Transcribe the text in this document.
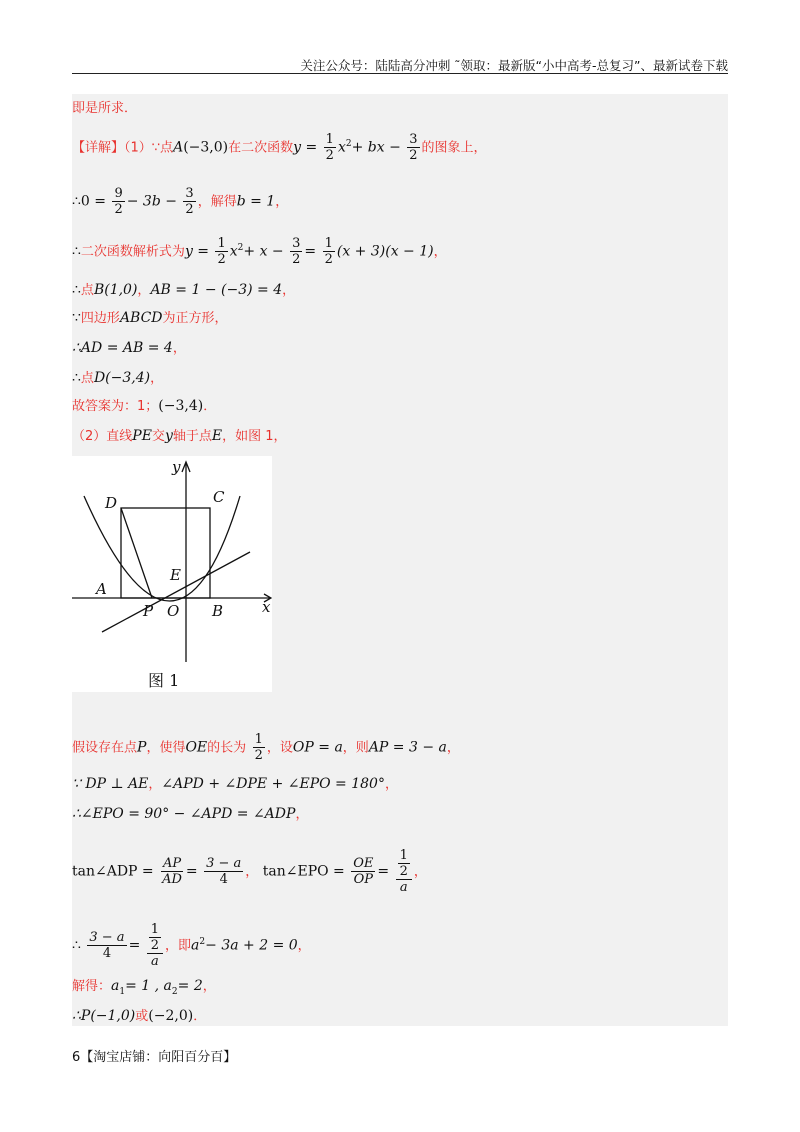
关注公众号：陆陆高分冲刺 ˜领取：最新版“小中高考-总复习”、最新试卷下载
即是所求．
【详解】（1）∵点A(−3,0)在二次函数$y = \frac{1}{2} x^2+$ bx − $\frac{3}{2}$ 的图象上，
∴0 = $\frac{9}{2} - 3b - \frac{3}{2}$ ，解得b = 1，
∴二次函数解析式为$y = \frac{1}{2} x^2+ x - \frac{3}{2} = \frac{1}{2} (x + 3)(x - 1)$，
∴点B(1,0)，AB = 1 − (−3) = 4，
∵四边形ABCD为正方形，
∴AD = AB = 4，
∴点D(−3,4)，
故答案为：1；(−3,4)．
（2）直线PE交y轴于点E，如图 1，
y
x
D	C
E
A
P O B
图 1
假设存在点P，使得OE的长为 $\frac{1}{2}$ ，设OP = a，则AP = 3 − a，
∵ DP ⊥ AE，∠APD + ∠DPE + ∠EPO = 180°，
∴∠EPO = 90° − ∠APD = ∠ADP，
tan∠ADP = $\frac{AP}{AD} = \frac{3 - a}{4}$ ， tan∠EPO = $\frac{OE}{OP} = \frac{\frac{1}{2}}{a}$ ，
∴ $\frac{3 - a}{4} = \frac{\frac{1}{2}}{a}$ ，即$a^2- 3a + 2 = 0$，
解得：$a_1= 1$ , $a_2= 2$，
∴P(−1,0)或(−2,0)．
6【淘宝店铺：向阳百分百】
